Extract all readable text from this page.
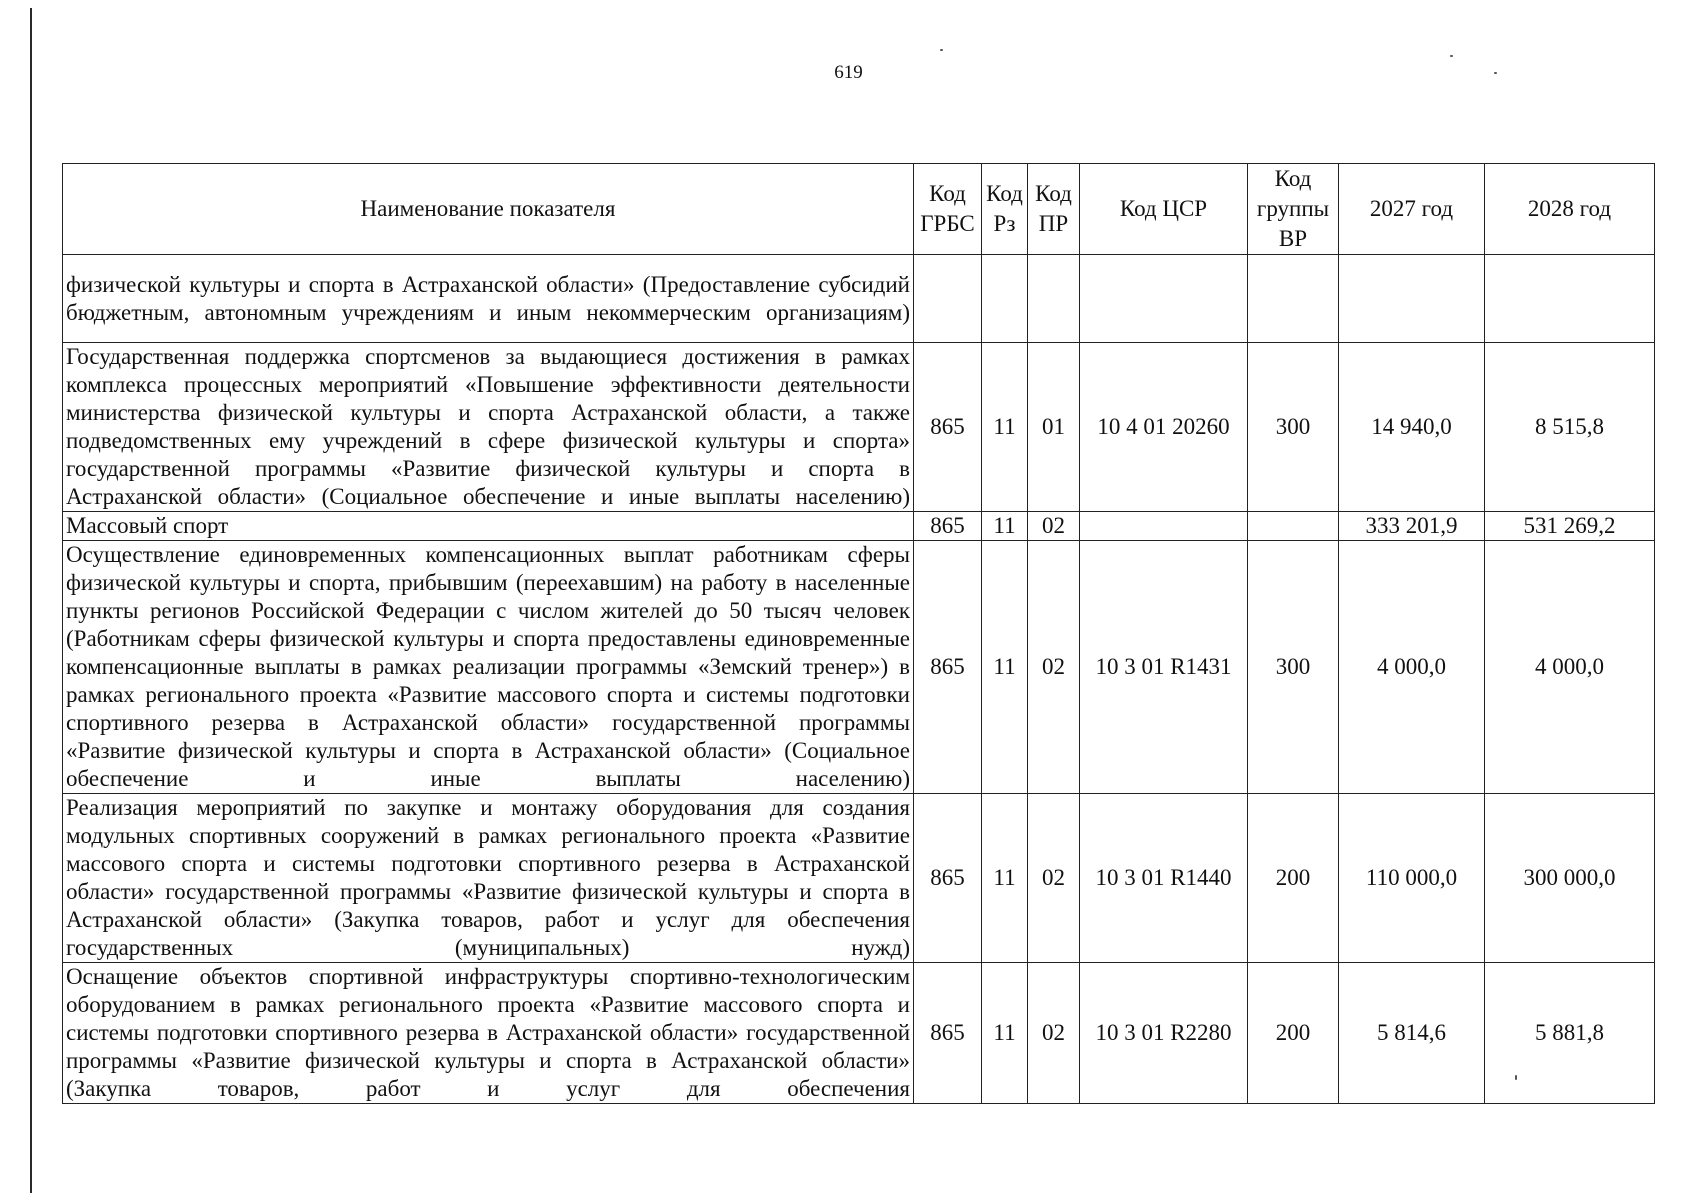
619
Наименование показателя	Код ГРБС	Код Рз	Код ПР	Код ЦСР	Код группы ВР	2027 год	2028 год
физической культуры и спорта в Астраханской области» (Предоставление субсидий бюджетным, автономным учреждениям и иным некоммерческим организациям)							
Государственная поддержка спортсменов за выдающиеся достижения в рамках комплекса процессных мероприятий «Повышение эффективности деятельности министерства физической культуры и спорта Астраханской области, а также подведомственных ему учреждений в сфере физической культуры и спорта» государственной программы «Развитие физической культуры и спорта в Астраханской области» (Социальное обеспечение и иные выплаты населению)	865	11	01	10 4 01 20260	300	14 940,0	8 515,8
Массовый спорт	865	11	02			333 201,9	531 269,2
Осуществление единовременных компенсационных выплат работникам сферы физической культуры и спорта, прибывшим (переехавшим) на работу в населенные пункты регионов Российской Федерации с числом жителей до 50 тысяч человек (Работникам сферы физической культуры и спорта предоставлены единовременные компенсационные выплаты в рамках реализации программы «Земский тренер») в рамках регионального проекта «Развитие массового спорта и системы подготовки спортивного резерва в Астраханской области» государственной программы «Развитие физической культуры и спорта в Астраханской области» (Социальное обеспечение и иные выплаты населению)	865	11	02	10 3 01 R1431	300	4 000,0	4 000,0
Реализация мероприятий по закупке и монтажу оборудования для создания модульных спортивных сооружений в рамках регионального проекта «Развитие массового спорта и системы подготовки спортивного резерва в Астраханской области» государственной программы «Развитие физической культуры и спорта в Астраханской области» (Закупка товаров, работ и услуг для обеспечения государственных (муниципальных) нужд)	865	11	02	10 3 01 R1440	200	110 000,0	300 000,0
Оснащение объектов спортивной инфраструктуры спортивно-технологическим оборудованием в рамках регионального проекта «Развитие массового спорта и системы подготовки спортивного резерва в Астраханской области» государственной программы «Развитие физической культуры и спорта в Астраханской области» (Закупка товаров, работ и услуг для обеспечения	865	11	02	10 3 01 R2280	200	5 814,6	5 881,8
